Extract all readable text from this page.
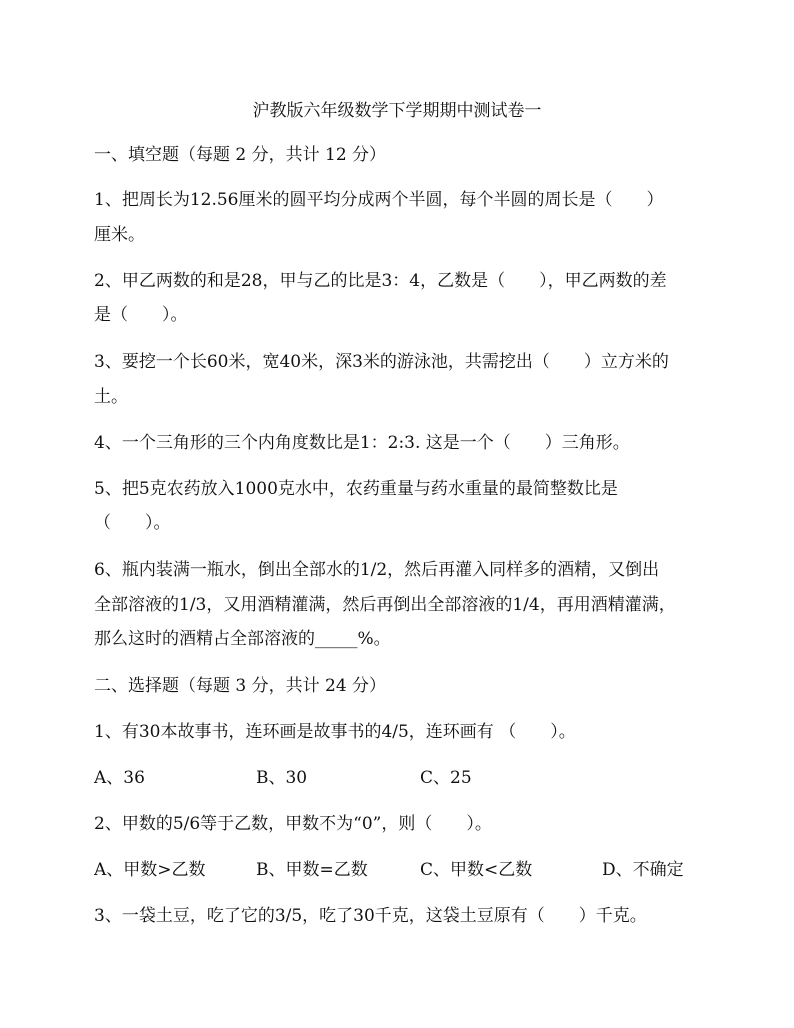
沪教版六年级数学下学期期中测试卷一
一、填空题（每题 2 分，共计 12 分）
1、把周长为12.56厘米的圆平均分成两个半圆，每个半圆的周长是（　　）
厘米。
2、甲乙两数的和是28，甲与乙的比是3：4，乙数是（　　），甲乙两数的差
是（　　）。
3、要挖一个长60米，宽40米，深3米的游泳池，共需挖出（　　）立方米的
土。
4、一个三角形的三个内角度数比是1：2:3. 这是一个（　　）三角形。
5、把5克农药放入1000克水中，农药重量与药水重量的最简整数比是
（　　）。
6、瓶内装满一瓶水，倒出全部水的1/2，然后再灌入同样多的酒精，又倒出
全部溶液的1/3，又用酒精灌满，然后再倒出全部溶液的1/4，再用酒精灌满，
那么这时的酒精占全部溶液的_____%。
二、选择题（每题 3 分，共计 24 分）
1、有30本故事书，连环画是故事书的4/5，连环画有 （　　）。
A、36	B、30	C、25
2、甲数的5/6等于乙数，甲数不为“0”，则（　　）。
A、甲数>乙数	B、甲数=乙数	C、甲数<乙数	D、不确定
3、一袋土豆，吃了它的3/5，吃了30千克，这袋土豆原有（　　）千克。
